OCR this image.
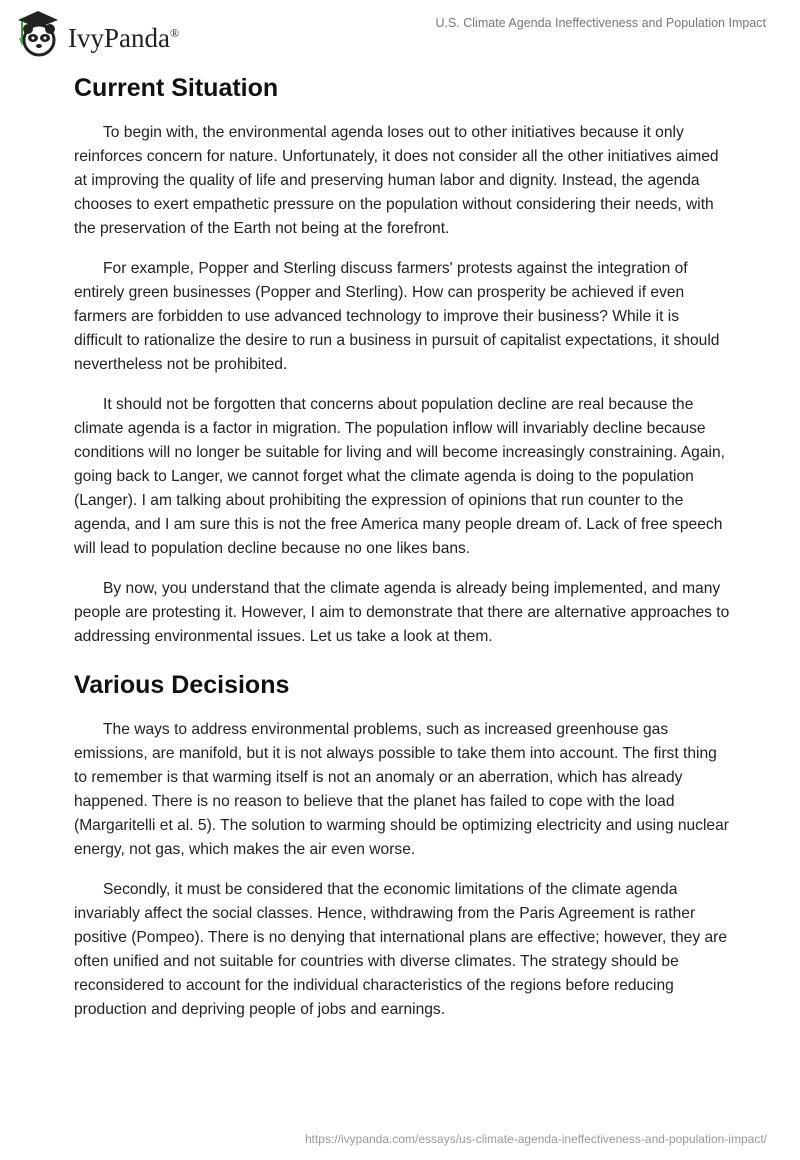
IvyPanda®
U.S. Climate Agenda Ineffectiveness and Population Impact
Current Situation

To begin with, the environmental agenda loses out to other initiatives because it only reinforces concern for nature. Unfortunately, it does not consider all the other initiatives aimed at improving the quality of life and preserving human labor and dignity. Instead, the agenda chooses to exert empathetic pressure on the population without considering their needs, with the preservation of the Earth not being at the forefront.

For example, Popper and Sterling discuss farmers' protests against the integration of entirely green businesses (Popper and Sterling). How can prosperity be achieved if even farmers are forbidden to use advanced technology to improve their business? While it is difficult to rationalize the desire to run a business in pursuit of capitalist expectations, it should nevertheless not be prohibited.

It should not be forgotten that concerns about population decline are real because the climate agenda is a factor in migration. The population inflow will invariably decline because conditions will no longer be suitable for living and will become increasingly constraining. Again, going back to Langer, we cannot forget what the climate agenda is doing to the population (Langer). I am talking about prohibiting the expression of opinions that run counter to the agenda, and I am sure this is not the free America many people dream of. Lack of free speech will lead to population decline because no one likes bans.

By now, you understand that the climate agenda is already being implemented, and many people are protesting it. However, I aim to demonstrate that there are alternative approaches to addressing environmental issues. Let us take a look at them.

Various Decisions

The ways to address environmental problems, such as increased greenhouse gas emissions, are manifold, but it is not always possible to take them into account. The first thing to remember is that warming itself is not an anomaly or an aberration, which has already happened. There is no reason to believe that the planet has failed to cope with the load (Margaritelli et al. 5). The solution to warming should be optimizing electricity and using nuclear energy, not gas, which makes the air even worse.

Secondly, it must be considered that the economic limitations of the climate agenda invariably affect the social classes. Hence, withdrawing from the Paris Agreement is rather positive (Pompeo). There is no denying that international plans are effective; however, they are often unified and not suitable for countries with diverse climates. The strategy should be reconsidered to account for the individual characteristics of the regions before reducing production and depriving people of jobs and earnings.

https://ivypanda.com/essays/us-climate-agenda-ineffectiveness-and-population-impact/
